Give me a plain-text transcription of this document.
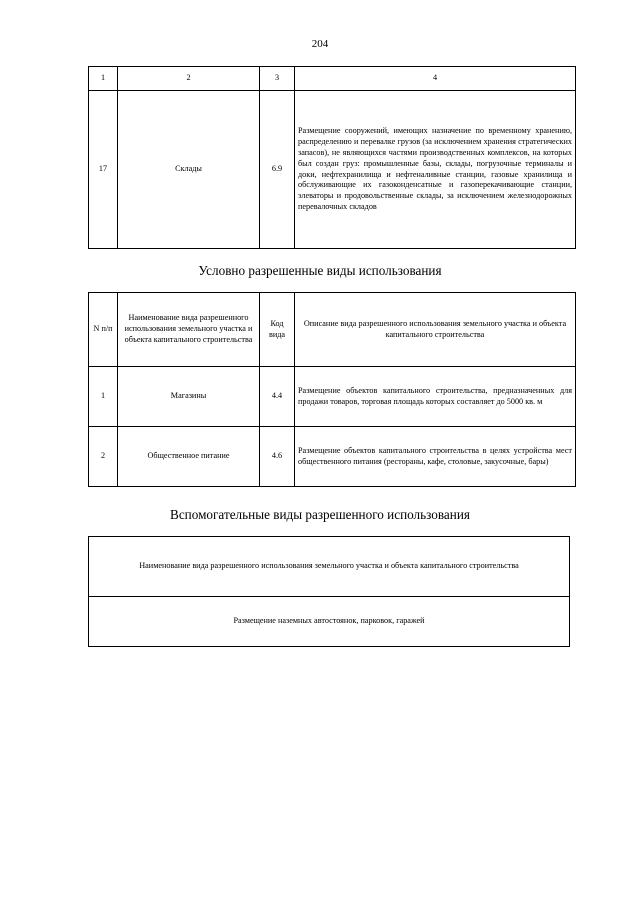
204
1	2	3	4
17	Склады	6.9	Размещение сооружений, имеющих назначение по временному хранению, распределению и перевалке грузов (за исключением хранения стратегических запасов), не являющихся частями производственных комплексов, на которых был создан груз: промышленные базы, склады, погрузочные терминалы и доки, нефтехранилища и нефтеналивные станции, газовые хранилища и обслуживающие их газоконденсатные и газоперекачивающие станции, элеваторы и продовольственные склады, за исключением железнодорожных перевалочных складов
Условно разрешенные виды использования
N п/п	Наименование вида разрешенного использования земельного участка и объекта капитального строительства	Код вида	Описание вида разрешенного использования земельного участка и объекта капитального строительства
1	Магазины	4.4	Размещение объектов капитального строительства, предназначенных для продажи товаров, торговая площадь которых составляет до 5000 кв. м
2	Общественное питание	4.6	Размещение объектов капитального строительства в целях устройства мест общественного питания (рестораны, кафе, столовые, закусочные, бары)
Вспомогательные виды разрешенного использования
Наименование вида разрешенного использования земельного участка и объекта капитального строительства
Размещение наземных автостоянок, парковок, гаражей
